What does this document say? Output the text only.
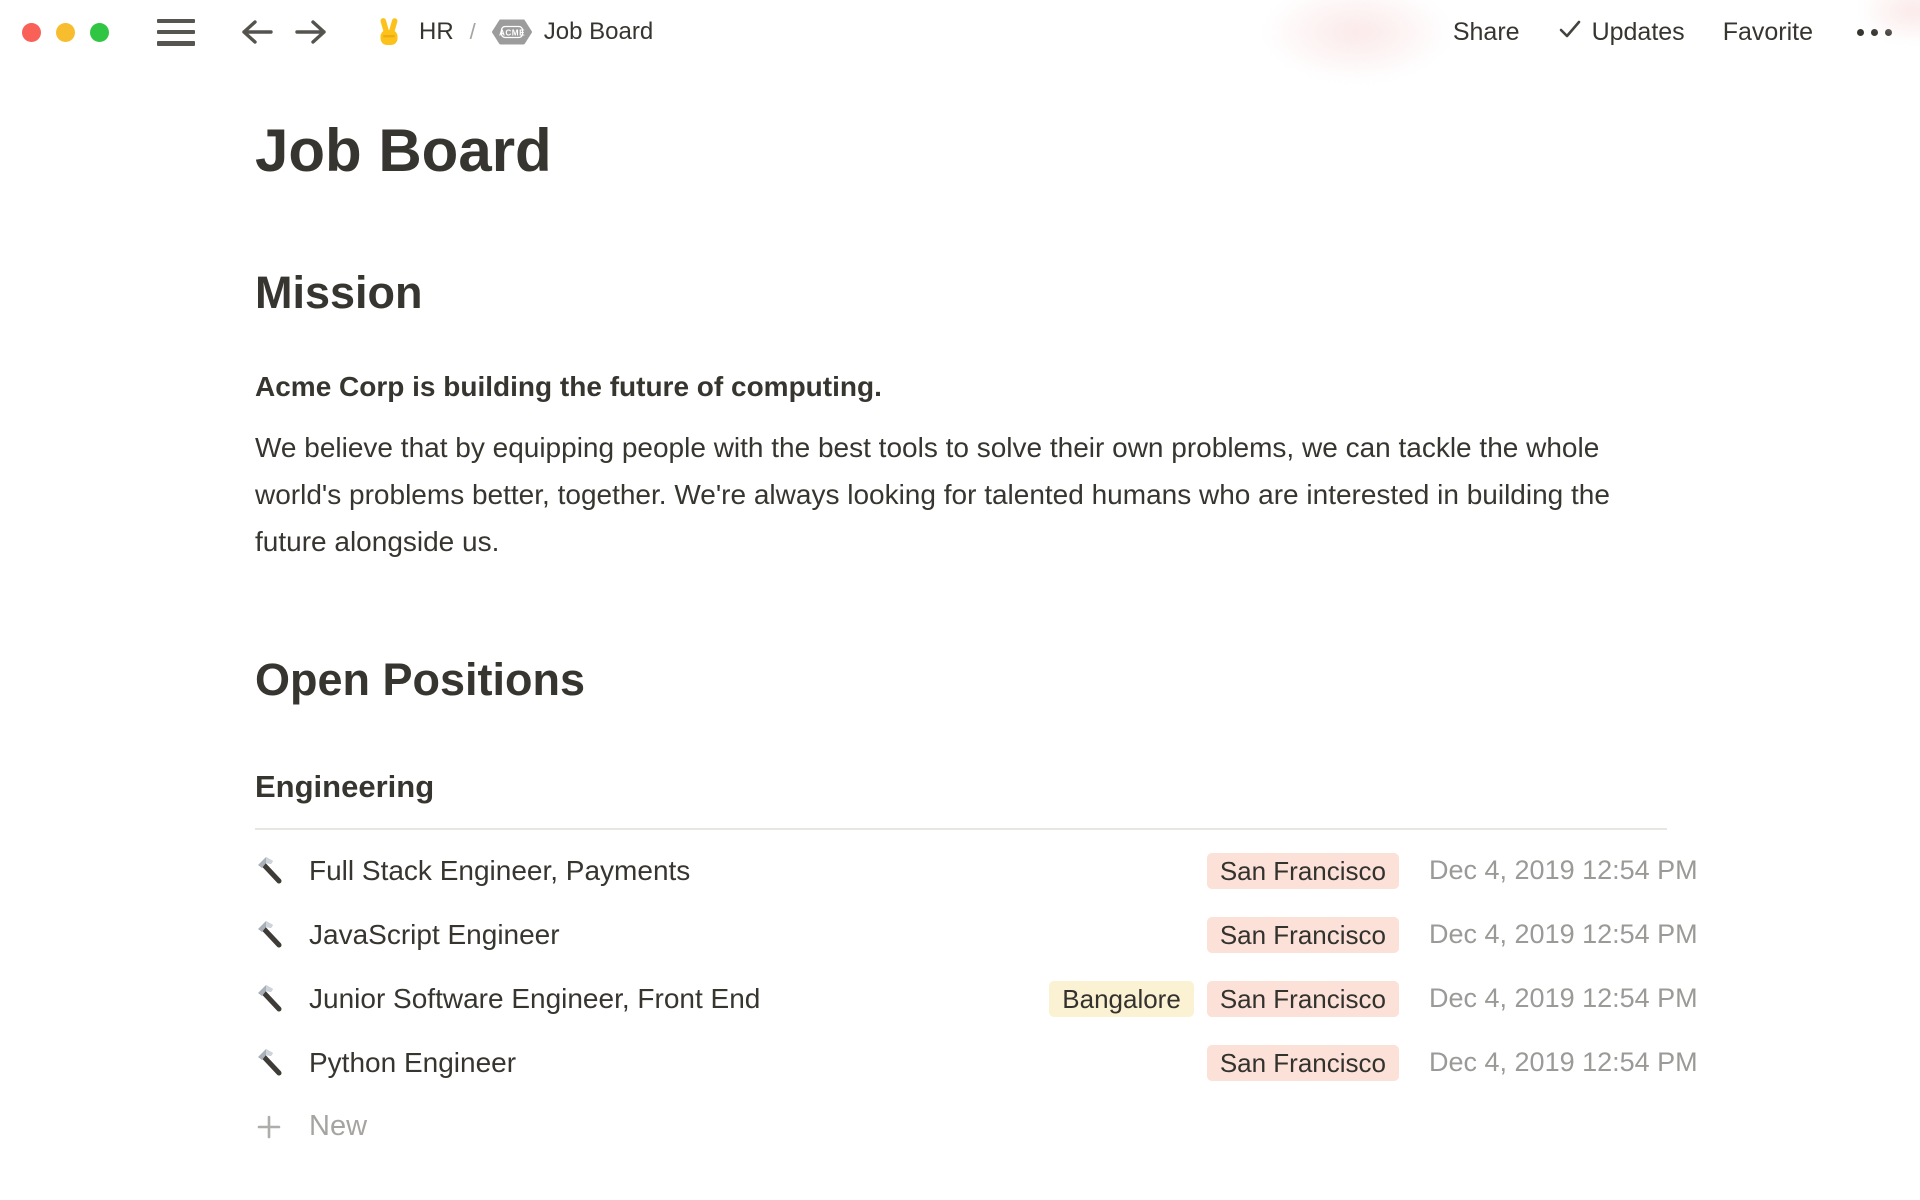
HR /	ACME Job Board	Share	Updates Favorite
Job Board
Mission

Acme Corp is building the future of computing.

We believe that by equipping people with the best tools to solve their own problems, we can tackle the whole world's problems better, together. We're always looking for talented humans who are interested in building the future alongside us.

Open Positions
Engineering
Full Stack Engineer, Payments	San Francisco	Dec 4, 2019 12:54 PM
JavaScript Engineer	San Francisco	Dec 4, 2019 12:54 PM
Junior Software Engineer, Front End	Bangalore	San Francisco	Dec 4, 2019 12:54 PM
Python Engineer	San Francisco	Dec 4, 2019 12:54 PM
New
